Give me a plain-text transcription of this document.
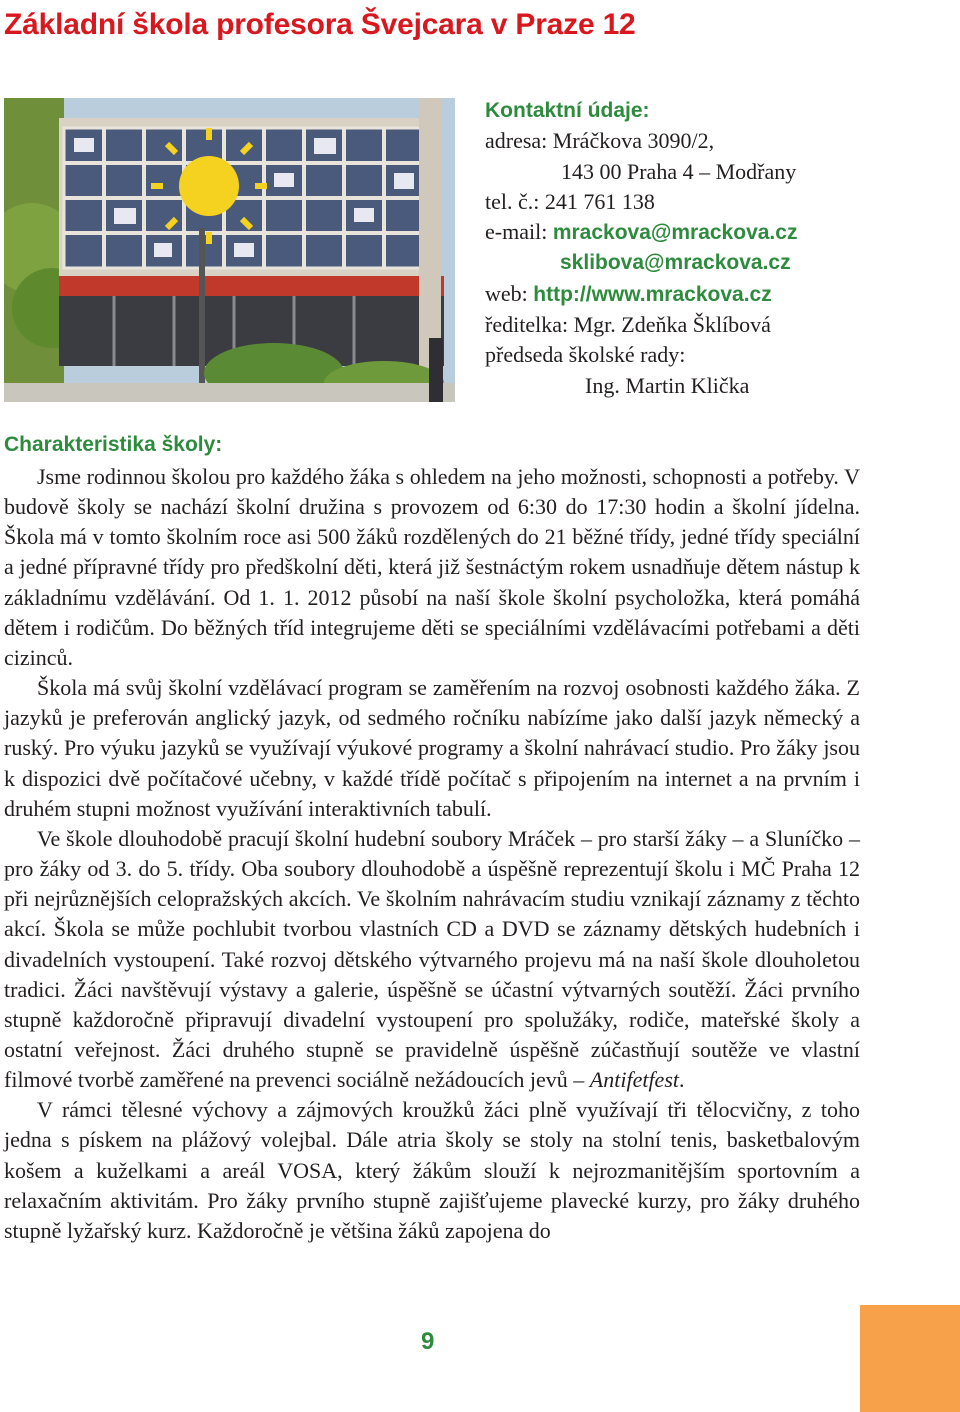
Základní škola profesora Švejcara v Praze 12
Kontaktní údaje:
adresa: Mráčkova 3090/2,
143 00 Praha 4 – Modřany
tel. č.: 241 761 138
e-mail: mrackova@mrackova.cz
sklibova@mrackova.cz
web: http://www.mrackova.cz
ředitelka: Mgr. Zdeňka Šklíbová
předseda školské rady:
Ing. Martin Klička
Charakteristika školy:

Jsme rodinnou školou pro každého žáka s ohledem na jeho možnosti, schopnosti a potřeby. V budově školy se nachází školní družina s provozem od 6:30 do 17:30 hodin a školní jídelna. Škola má v tomto školním roce asi 500 žáků rozdělených do 21 běžné třídy, jedné třídy speciální a jedné přípravné třídy pro předškolní děti, která již šestnáctým rokem usnadňuje dětem nástup k základnímu vzdělávání. Od 1. 1. 2012 působí na naší škole školní psycholožka, která pomáhá dětem i rodičům. Do běžných tříd integrujeme děti se speciálními vzdělávacími potřebami a děti cizinců.

Škola má svůj školní vzdělávací program se zaměřením na rozvoj osobnosti každého žáka. Z jazyků je preferován anglický jazyk, od sedmého ročníku nabízíme jako další jazyk německý a ruský. Pro výuku jazyků se využívají výukové programy a školní nahrávací studio. Pro žáky jsou k dispozici dvě počítačové učebny, v každé třídě počítač s připojením na internet a na prvním i druhém stupni možnost využívání interaktivních tabulí.

Ve škole dlouhodobě pracují školní hudební soubory Mráček – pro starší žáky – a Sluníčko – pro žáky od 3. do 5. třídy. Oba soubory dlouhodobě a úspěšně reprezentují školu i MČ Praha 12 při nejrůznějších celopražských akcích. Ve školním nahrávacím studiu vznikají záznamy z těchto akcí. Škola se může pochlubit tvorbou vlastních CD a DVD se záznamy dětských hudebních i divadelních vystoupení. Také rozvoj dětského výtvarného projevu má na naší škole dlouholetou tradici. Žáci navštěvují výstavy a galerie, úspěšně se účastní výtvarných soutěží. Žáci prvního stupně každoročně připravují divadelní vystoupení pro spolužáky, rodiče, mateřské školy a ostatní veřejnost. Žáci druhého stupně se pravidelně úspěšně zúčastňují soutěže ve vlastní filmové tvorbě zaměřené na prevenci sociálně nežádoucích jevů – Antifetfest.

V rámci tělesné výchovy a zájmových kroužků žáci plně využívají tři tělocvičny, z toho jedna s pískem na plážový volejbal. Dále atria školy se stoly na stolní tenis, basketbalovým košem a kuželkami a areál VOSA, který žákům slouží k nejrozmanitějším sportovním a relaxačním aktivitám. Pro žáky prvního stupně zajišťujeme plavecké kurzy, pro žáky druhého stupně lyžařský kurz. Každoročně je většina žáků zapojena do

9
